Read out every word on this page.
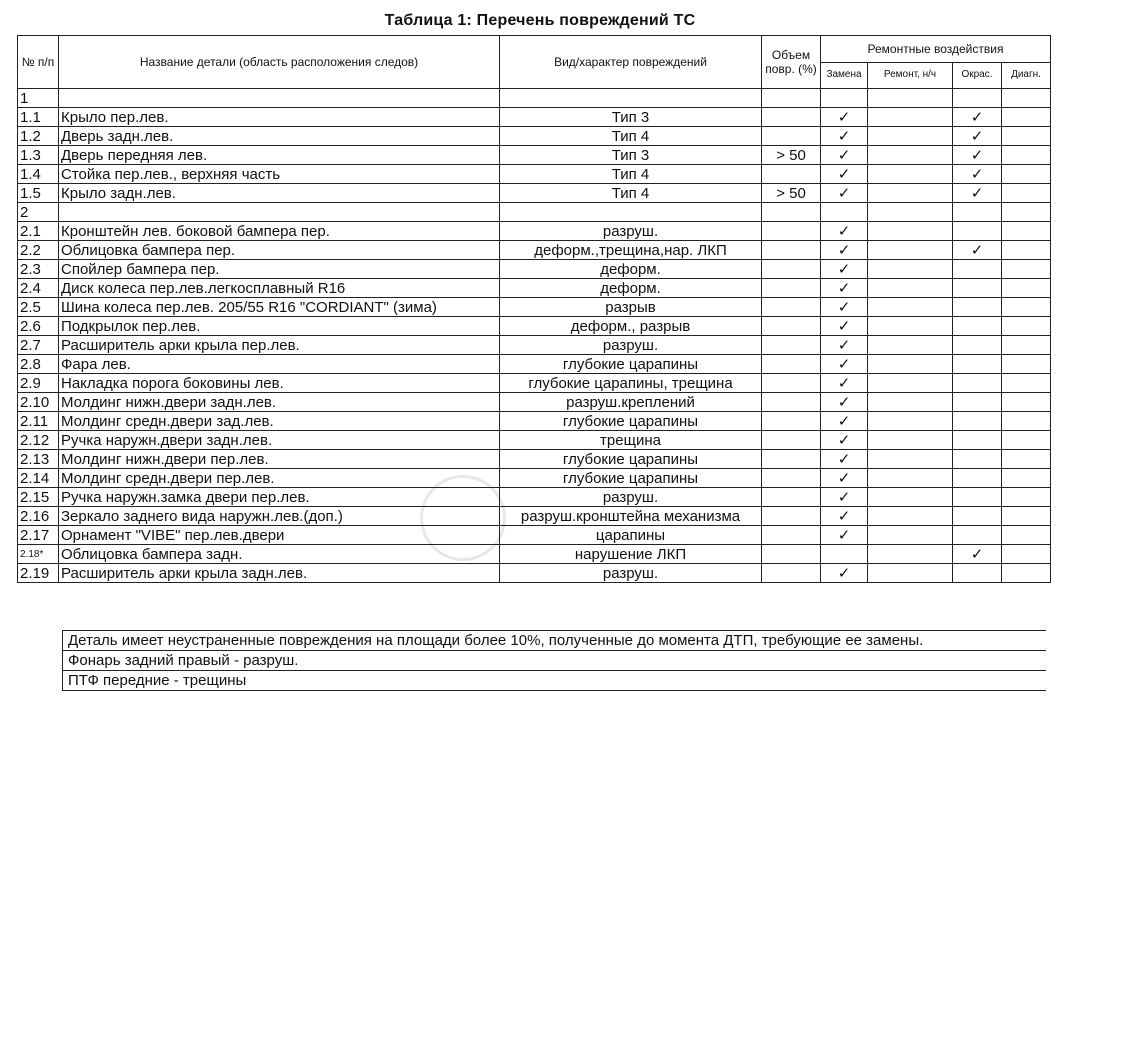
Таблица 1: Перечень повреждений ТС
№ п/п	Название детали (область расположения следов)	Вид/характер повреждений	Объем повр. (%)	Ремонтные воздействия			
				Замена	Ремонт, н/ч	Окрас.	Диагн.
1							
1.1	Крыло пер.лев.	Тип 3		✓		✓	
1.2	Дверь задн.лев.	Тип 4		✓		✓	
1.3	Дверь передняя лев.	Тип 3	> 50	✓		✓	
1.4	Стойка пер.лев., верхняя часть	Тип 4		✓		✓	
1.5	Крыло задн.лев.	Тип 4	> 50	✓		✓	
2							
2.1	Кронштейн лев. боковой бампера пер.	разруш.		✓			
2.2	Облицовка бампера пер.	деформ.,трещина,нар. ЛКП		✓		✓	
2.3	Спойлер бампера пер.	деформ.		✓			
2.4	Диск колеса пер.лев.легкосплавный R16	деформ.		✓			
2.5	Шина колеса пер.лев. 205/55 R16 "CORDIANT" (зима)	разрыв		✓			
2.6	Подкрылок пер.лев.	деформ., разрыв		✓			
2.7	Расширитель арки крыла пер.лев.	разруш.		✓			
2.8	Фара лев.	глубокие царапины		✓			
2.9	Накладка порога боковины лев.	глубокие царапины, трещина		✓			
2.10	Молдинг нижн.двери задн.лев.	разруш.креплений		✓			
2.11	Молдинг средн.двери зад.лев.	глубокие царапины		✓			
2.12	Ручка наружн.двери задн.лев.	трещина		✓			
2.13	Молдинг нижн.двери пер.лев.	глубокие царапины		✓			
2.14	Молдинг средн.двери пер.лев.	глубокие царапины		✓			
2.15	Ручка наружн.замка двери пер.лев.	разруш.		✓			
2.16	Зеркало заднего вида наружн.лев.(доп.)	разруш.кронштейна механизма		✓			
2.17	Орнамент "VIBE" пер.лев.двери	царапины		✓			
2.18*	Облицовка бампера задн.	нарушение ЛКП				✓	
2.19	Расширитель арки крыла задн.лев.	разруш.		✓			
Деталь имеет неустраненные повреждения на площади более 10%, полученные до момента ДТП, требующие ее замены.
Фонарь задний правый - разруш.
ПТФ передние - трещины
